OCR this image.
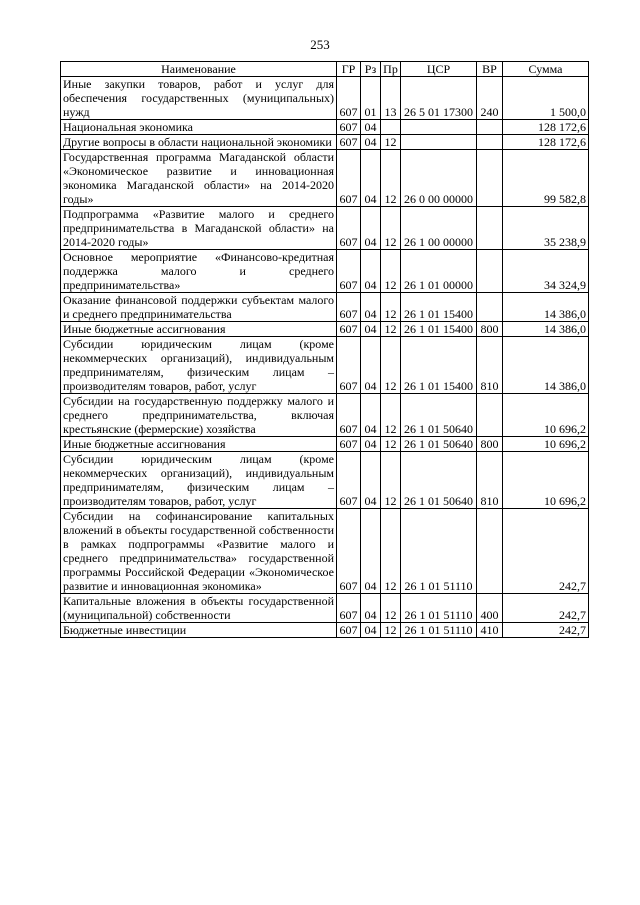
253
Наименование	ГР	Рз	Пр	ЦСР	ВР	Сумма
Иные закупки товаров, работ и услуг для обеспечения государственных (муниципальных) нужд	607	01	13	26 5 01 17300	240	1 500,0
Национальная экономика	607	04				128 172,6
Другие вопросы в области национальной экономики	607	04	12			128 172,6
Государственная программа Магаданской области «Экономическое развитие и инновационная экономика Магаданской области» на 2014-2020 годы»	607	04	12	26 0 00 00000		99 582,8
Подпрограмма «Развитие малого и среднего предпринимательства в Магаданской области» на 2014-2020 годы»	607	04	12	26 1 00 00000		35 238,9
Основное мероприятие «Финансово-кредитная поддержка малого и среднего предпринимательства»	607	04	12	26 1 01 00000		34 324,9
Оказание финансовой поддержки субъектам малого и среднего предпринимательства	607	04	12	26 1 01 15400		14 386,0
Иные бюджетные ассигнования	607	04	12	26 1 01 15400	800	14 386,0
Субсидии юридическим лицам (кроме некоммерческих организаций), индивидуальным предпринимателям, физическим лицам – производителям товаров, работ, услуг	607	04	12	26 1 01 15400	810	14 386,0
Субсидии на государственную поддержку малого и среднего предпринимательства, включая крестьянские (фермерские) хозяйства	607	04	12	26 1 01 50640		10 696,2
Иные бюджетные ассигнования	607	04	12	26 1 01 50640	800	10 696,2
Субсидии юридическим лицам (кроме некоммерческих организаций), индивидуальным предпринимателям, физическим лицам – производителям товаров, работ, услуг	607	04	12	26 1 01 50640	810	10 696,2
Субсидии на софинансирование капитальных вложений в объекты государственной собственности в рамках подпрограммы «Развитие малого и среднего предпринимательства» государственной программы Российской Федерации «Экономическое развитие и инновационная экономика»	607	04	12	26 1 01 51110		242,7
Капитальные вложения в объекты государственной (муниципальной) собственности	607	04	12	26 1 01 51110	400	242,7
Бюджетные инвестиции	607	04	12	26 1 01 51110	410	242,7
